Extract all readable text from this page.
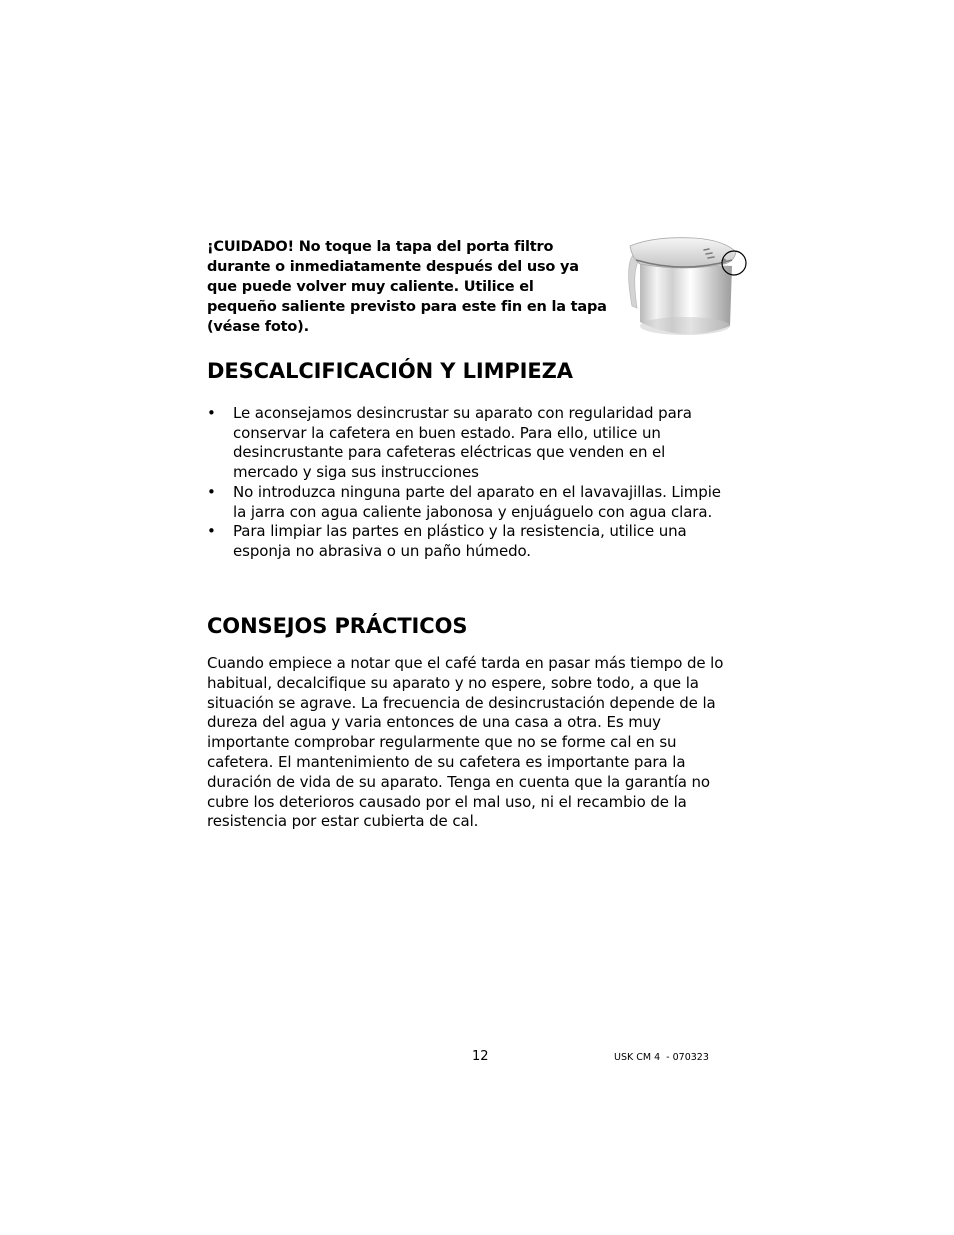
¡CUIDADO! No toque la tapa del porta filtro durante o inmediatamente después del uso ya que puede volver muy caliente. Utilice el pequeño saliente previsto para este fin en la tapa (véase foto).
DESCALCIFICACIÓN Y LIMPIEZA
• Le aconsejamos desincrustar su aparato con regularidad para conservar la cafetera en buen estado. Para ello, utilice un desincrustante para cafeteras eléctricas que venden en el mercado y siga sus instrucciones
• No introduzca ninguna parte del aparato en el lavavajillas. Limpie la jarra con agua caliente jabonosa y enjuáguelo con agua clara.
• Para limpiar las partes en plástico y la resistencia, utilice una esponja no abrasiva o un paño húmedo.
CONSEJOS PRÁCTICOS

Cuando empiece a notar que el café tarda en pasar más tiempo de lo habitual, decalcifique su aparato y no espere, sobre todo, a que la situación se agrave. La frecuencia de desincrustación depende de la dureza del agua y varia entonces de una casa a otra. Es muy importante comprobar regularmente que no se forme cal en su cafetera. El mantenimiento de su cafetera es importante para la duración de vida de su aparato. Tenga en cuenta que la garantía no cubre los deterioros causado por el mal uso, ni el recambio de la resistencia por estar cubierta de cal.

12	USK CM 4  - 070323
